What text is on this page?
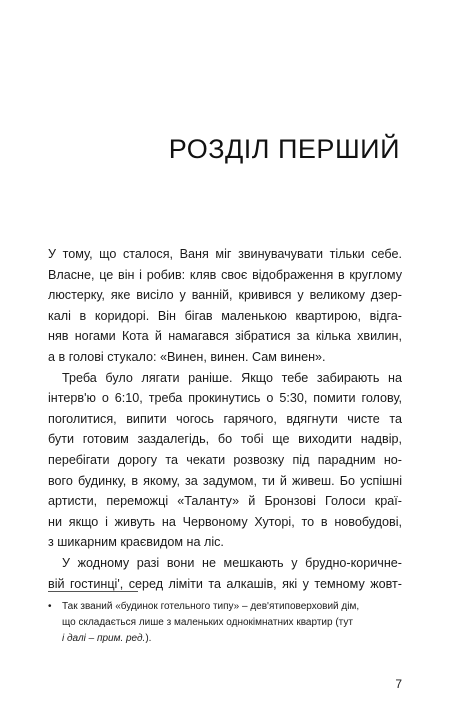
РОЗДІЛ ПЕРШИЙ
У тому, що сталося, Ваня міг звинувачувати тільки себе.
Власне, це він і робив: кляв своє відображення в круглому
люстерку, яке висіло у ванній, кривився у великому дзер-
калі в коридорі. Він бігав маленькою квартирою, відга-
няв ногами Кота й намагався зібратися за кілька хвилин,
а в голові стукало: «Винен, винен. Сам винен».
Треба було лягати раніше. Якщо тебе забирають на
інтерв'ю о 6:10, треба прокинутись о 5:30, помити голову,
поголитися, випити чогось гарячого, вдягнути чисте та
бути готовим заздалегідь, бо тобі ще виходити надвір,
перебігати дорогу та чекати розвозку під парадним но-
вого будинку, в якому, за задумом, ти й живеш. Бо успішні
артисти, переможці «Таланту» й Бронзові Голоси краї-
ни якщо і живуть на Червоному Хуторі, то в новобудові,
з шикарним краєвидом на ліс.
У жодному разі вони не мешкають у брудно-коричне-
вій гостинці', серед ліміти та алкашів, які у темному жовт-
•	Так званий «будинок готельного типу» – дев'ятиповерховий дім,
що складається лише з маленьких однокімнатних квартир (тут
і далі – прим. ред.).
7
